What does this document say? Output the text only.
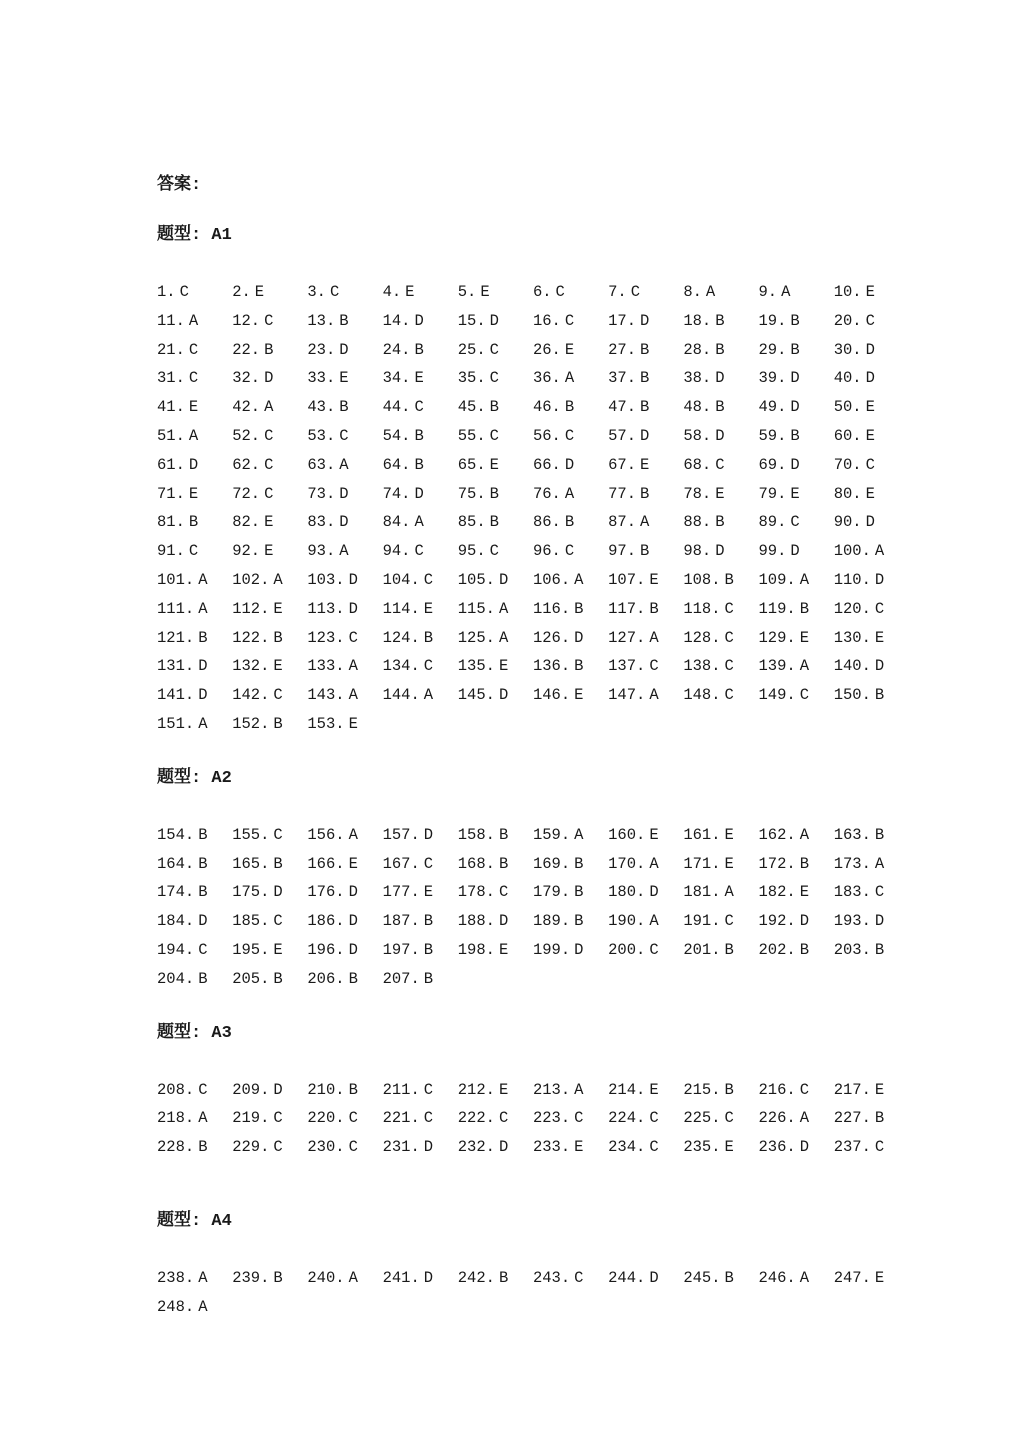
答案:
题型: A1
1. C	2. E	3. C	4. E	5. E	6. C	7. C	8. A	9. A	10. E
11. A	12. C	13. B	14. D	15. D	16. C	17. D	18. B	19. B	20. C
21. C	22. B	23. D	24. B	25. C	26. E	27. B	28. B	29. B	30. D
31. C	32. D	33. E	34. E	35. C	36. A	37. B	38. D	39. D	40. D
41. E	42. A	43. B	44. C	45. B	46. B	47. B	48. B	49. D	50. E
51. A	52. C	53. C	54. B	55. C	56. C	57. D	58. D	59. B	60. E
61. D	62. C	63. A	64. B	65. E	66. D	67. E	68. C	69. D	70. C
71. E	72. C	73. D	74. D	75. B	76. A	77. B	78. E	79. E	80. E
81. B	82. E	83. D	84. A	85. B	86. B	87. A	88. B	89. C	90. D
91. C	92. E	93. A	94. C	95. C	96. C	97. B	98. D	99. D	100. A
101. A	102. A	103. D	104. C	105. D	106. A	107. E	108. B	109. A	110. D
111. A	112. E	113. D	114. E	115. A	116. B	117. B	118. C	119. B	120. C
121. B	122. B	123. C	124. B	125. A	126. D	127. A	128. C	129. E	130. E
131. D	132. E	133. A	134. C	135. E	136. B	137. C	138. C	139. A	140. D
141. D	142. C	143. A	144. A	145. D	146. E	147. A	148. C	149. C	150. B
151. A	152. B	153. E
题型: A2
154. B	155. C	156. A	157. D	158. B	159. A	160. E	161. E	162. A	163. B
164. B	165. B	166. E	167. C	168. B	169. B	170. A	171. E	172. B	173. A
174. B	175. D	176. D	177. E	178. C	179. B	180. D	181. A	182. E	183. C
184. D	185. C	186. D	187. B	188. D	189. B	190. A	191. C	192. D	193. D
194. C	195. E	196. D	197. B	198. E	199. D	200. C	201. B	202. B	203. B
204. B	205. B	206. B	207. B
题型: A3
208. C	209. D	210. B	211. C	212. E	213. A	214. E	215. B	216. C	217. E
218. A	219. C	220. C	221. C	222. C	223. C	224. C	225. C	226. A	227. B
228. B	229. C	230. C	231. D	232. D	233. E	234. C	235. E	236. D	237. C
题型: A4
238. A	239. B	240. A	241. D	242. B	243. C	244. D	245. B	246. A	247. E
248. A
